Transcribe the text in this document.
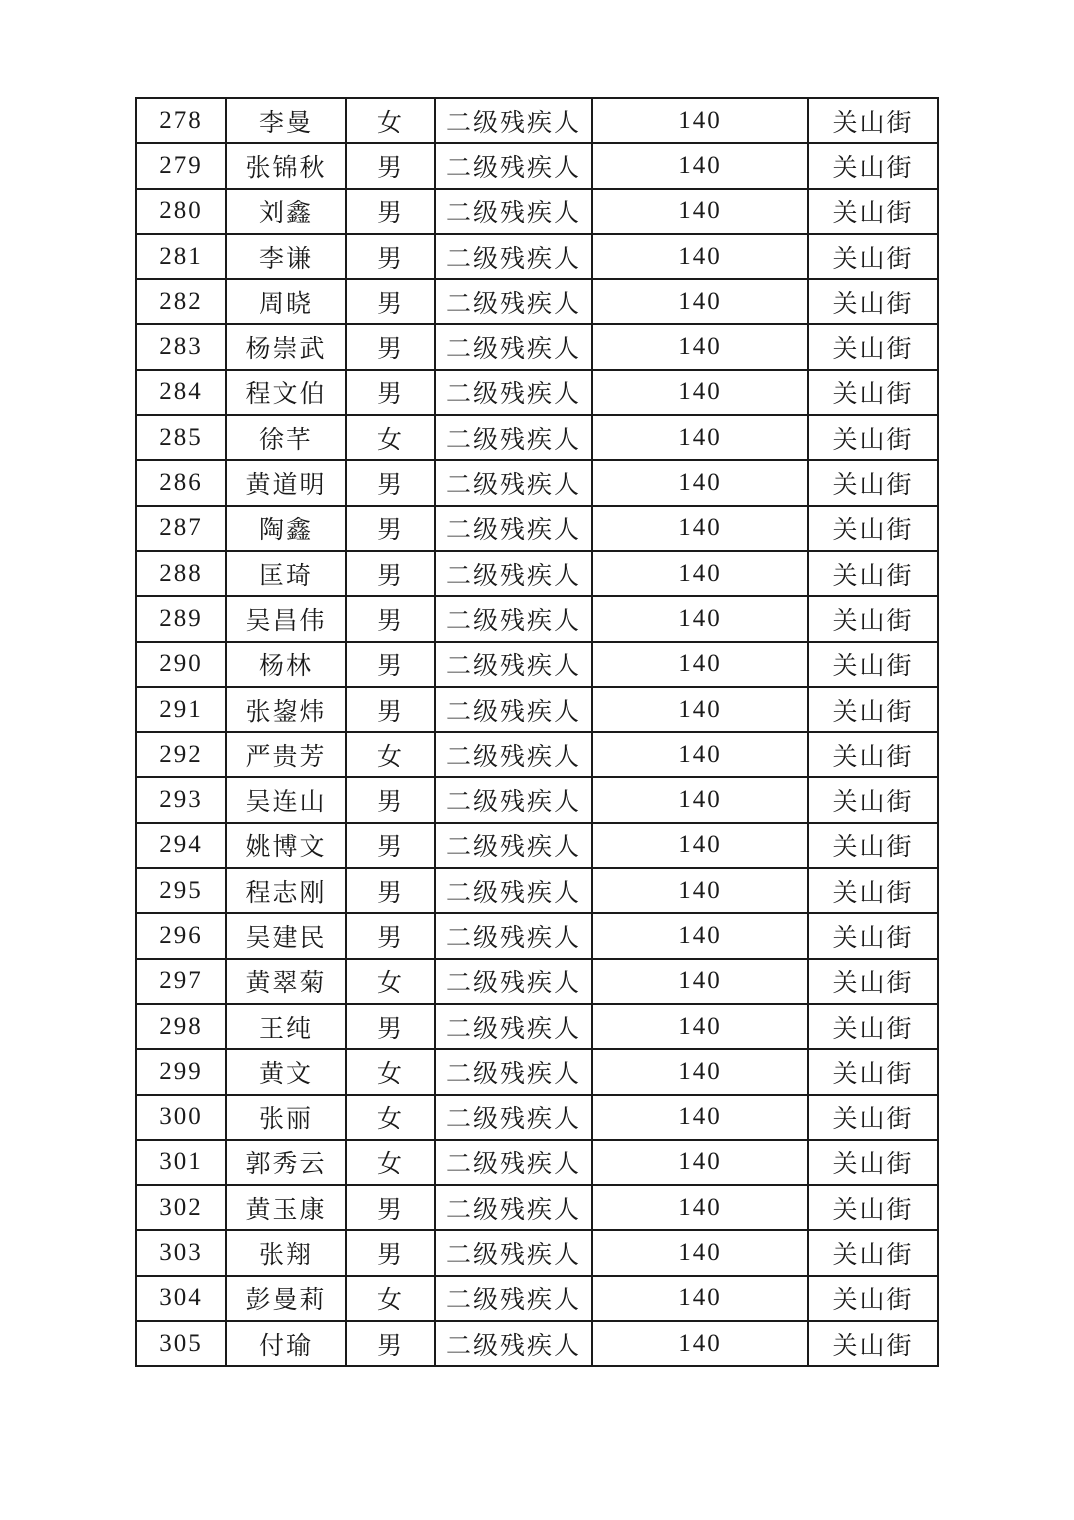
278	李曼	女	二级残疾人	140	关山街
279	张锦秋	男	二级残疾人	140	关山街
280	刘鑫	男	二级残疾人	140	关山街
281	李谦	男	二级残疾人	140	关山街
282	周晓	男	二级残疾人	140	关山街
283	杨崇武	男	二级残疾人	140	关山街
284	程文伯	男	二级残疾人	140	关山街
285	徐芊	女	二级残疾人	140	关山街
286	黄道明	男	二级残疾人	140	关山街
287	陶鑫	男	二级残疾人	140	关山街
288	匡琦	男	二级残疾人	140	关山街
289	吴昌伟	男	二级残疾人	140	关山街
290	杨林	男	二级残疾人	140	关山街
291	张鋆炜	男	二级残疾人	140	关山街
292	严贵芳	女	二级残疾人	140	关山街
293	吴连山	男	二级残疾人	140	关山街
294	姚博文	男	二级残疾人	140	关山街
295	程志刚	男	二级残疾人	140	关山街
296	吴建民	男	二级残疾人	140	关山街
297	黄翠菊	女	二级残疾人	140	关山街
298	王纯	男	二级残疾人	140	关山街
299	黄文	女	二级残疾人	140	关山街
300	张丽	女	二级残疾人	140	关山街
301	郭秀云	女	二级残疾人	140	关山街
302	黄玉康	男	二级残疾人	140	关山街
303	张翔	男	二级残疾人	140	关山街
304	彭曼莉	女	二级残疾人	140	关山街
305	付瑜	男	二级残疾人	140	关山街
